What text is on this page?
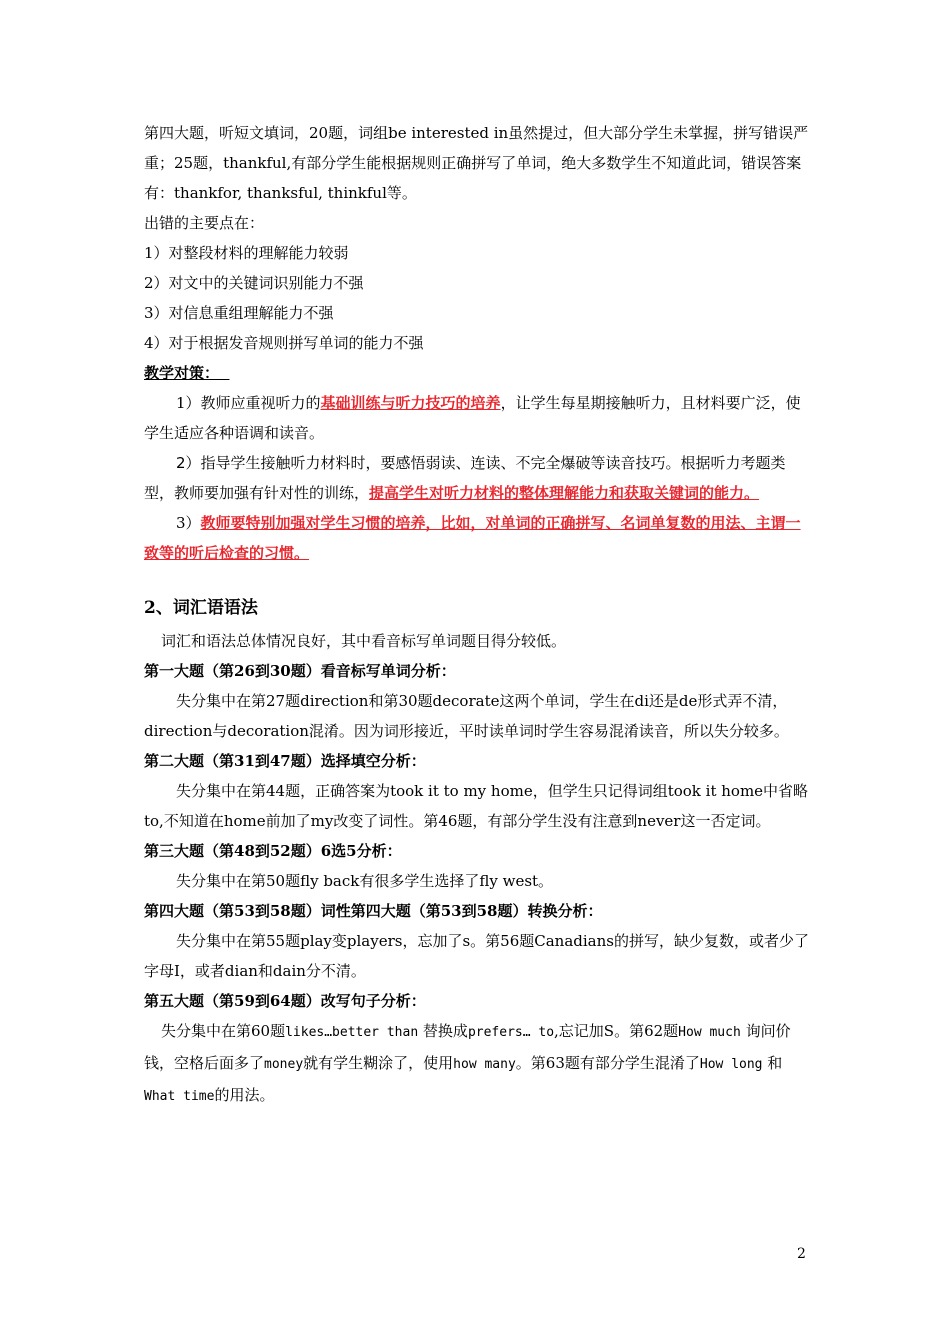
第四大题，听短文填词，20题，词组be interested in虽然提过，但大部分学生未掌握，拼写错误严重；25题，thankful,有部分学生能根据规则正确拼写了单词，绝大多数学生不知道此词，错误答案有：thankfor, thanksful, thinkful等。
出错的主要点在：
1）对整段材料的理解能力较弱
2）对文中的关键词识别能力不强
3）对信息重组理解能力不强
4）对于根据发音规则拼写单词的能力不强
教学对策：
1）教师应重视听力的基础训练与听力技巧的培养，让学生每星期接触听力，且材料要广泛，使学生适应各种语调和读音。
2）指导学生接触听力材料时，要感悟弱读、连读、不完全爆破等读音技巧。根据听力考题类型，教师要加强有针对性的训练，提高学生对听力材料的整体理解能力和获取关键词的能力。
3）教师要特别加强对学生习惯的培养，比如，对单词的正确拼写、名词单复数的用法、主谓一致等的听后检查的习惯。
2、词汇语语法
词汇和语法总体情况良好，其中看音标写单词题目得分较低。
第一大题（第26到30题）看音标写单词分析：
失分集中在第27题direction和第30题decorate这两个单词，学生在di还是de形式弄不清，direction与decoration混淆。因为词形接近，平时读单词时学生容易混淆读音，所以失分较多。
第二大题（第31到47题）选择填空分析：
失分集中在第44题，正确答案为took it to my home，但学生只记得词组took it home中省略to,不知道在home前加了my改变了词性。第46题，有部分学生没有注意到never这一否定词。
第三大题（第48到52题）6选5分析：
失分集中在第50题fly back有很多学生选择了fly west。
第四大题（第53到58题）词性第四大题（第53到58题）转换分析：
失分集中在第55题play变players，忘加了s。第56题Canadians的拼写，缺少复数，或者少了字母I，或者dian和dain分不清。
第五大题（第59到64题）改写句子分析：
失分集中在第60题likes…better than 替换成prefers… to,忘记加S。第62题How much 询问价钱，空格后面多了money就有学生糊涂了，使用how many。第63题有部分学生混淆了How long 和What time的用法。
2
